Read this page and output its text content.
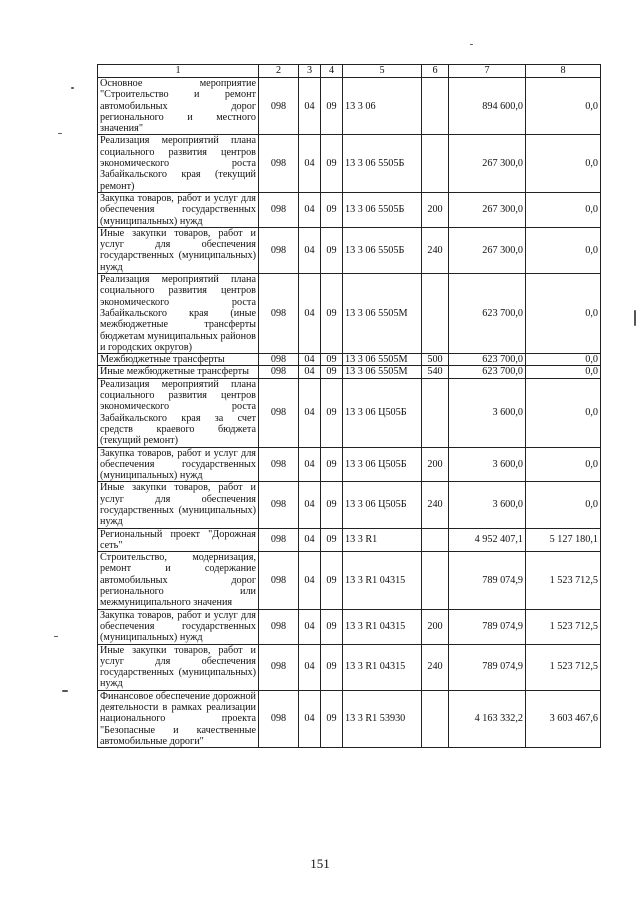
1	2	3	4	5	6	7	8
Основное мероприятие "Строительство и ремонт автомобильных дорог регионального и местного значения"	098	04	09	13 3 06		894 600,0	0,0
Реализация мероприятий плана социального развития центров экономического роста Забайкальского края (текущий ремонт)	098	04	09	13 3 06 5505Б		267 300,0	0,0
Закупка товаров, работ и услуг для обеспечения государственных (муниципальных) нужд	098	04	09	13 3 06 5505Б	200	267 300,0	0,0
Иные закупки товаров, работ и услуг для обеспечения государственных (муниципальных) нужд	098	04	09	13 3 06 5505Б	240	267 300,0	0,0
Реализация мероприятий плана социального развития центров экономического роста Забайкальского края (иные межбюджетные трансферты бюджетам муниципальных районов и городских округов)	098	04	09	13 3 06 5505М		623 700,0	0,0
Межбюджетные трансферты	098	04	09	13 3 06 5505М	500	623 700,0	0,0
Иные межбюджетные трансферты	098	04	09	13 3 06 5505М	540	623 700,0	0,0
Реализация мероприятий плана социального развития центров экономического роста Забайкальского края за счет средств краевого бюджета (текущий ремонт)	098	04	09	13 3 06 Ц505Б		3 600,0	0,0
Закупка товаров, работ и услуг для обеспечения государственных (муниципальных) нужд	098	04	09	13 3 06 Ц505Б	200	3 600,0	0,0
Иные закупки товаров, работ и услуг для обеспечения государственных (муниципальных) нужд	098	04	09	13 3 06 Ц505Б	240	3 600,0	0,0
Региональный проект "Дорожная сеть"	098	04	09	13 3 R1		4 952 407,1	5 127 180,1
Строительство, модернизация, ремонт и содержание автомобильных дорог регионального или межмуниципального значения	098	04	09	13 3 R1 04315		789 074,9	1 523 712,5
Закупка товаров, работ и услуг для обеспечения государственных (муниципальных) нужд	098	04	09	13 3 R1 04315	200	789 074,9	1 523 712,5
Иные закупки товаров, работ и услуг для обеспечения государственных (муниципальных) нужд	098	04	09	13 3 R1 04315	240	789 074,9	1 523 712,5
Финансовое обеспечение дорожной деятельности в рамках реализации национального проекта "Безопасные и качественные автомобильные дороги"	098	04	09	13 3 R1 53930		4 163 332,2	3 603 467,6
151
